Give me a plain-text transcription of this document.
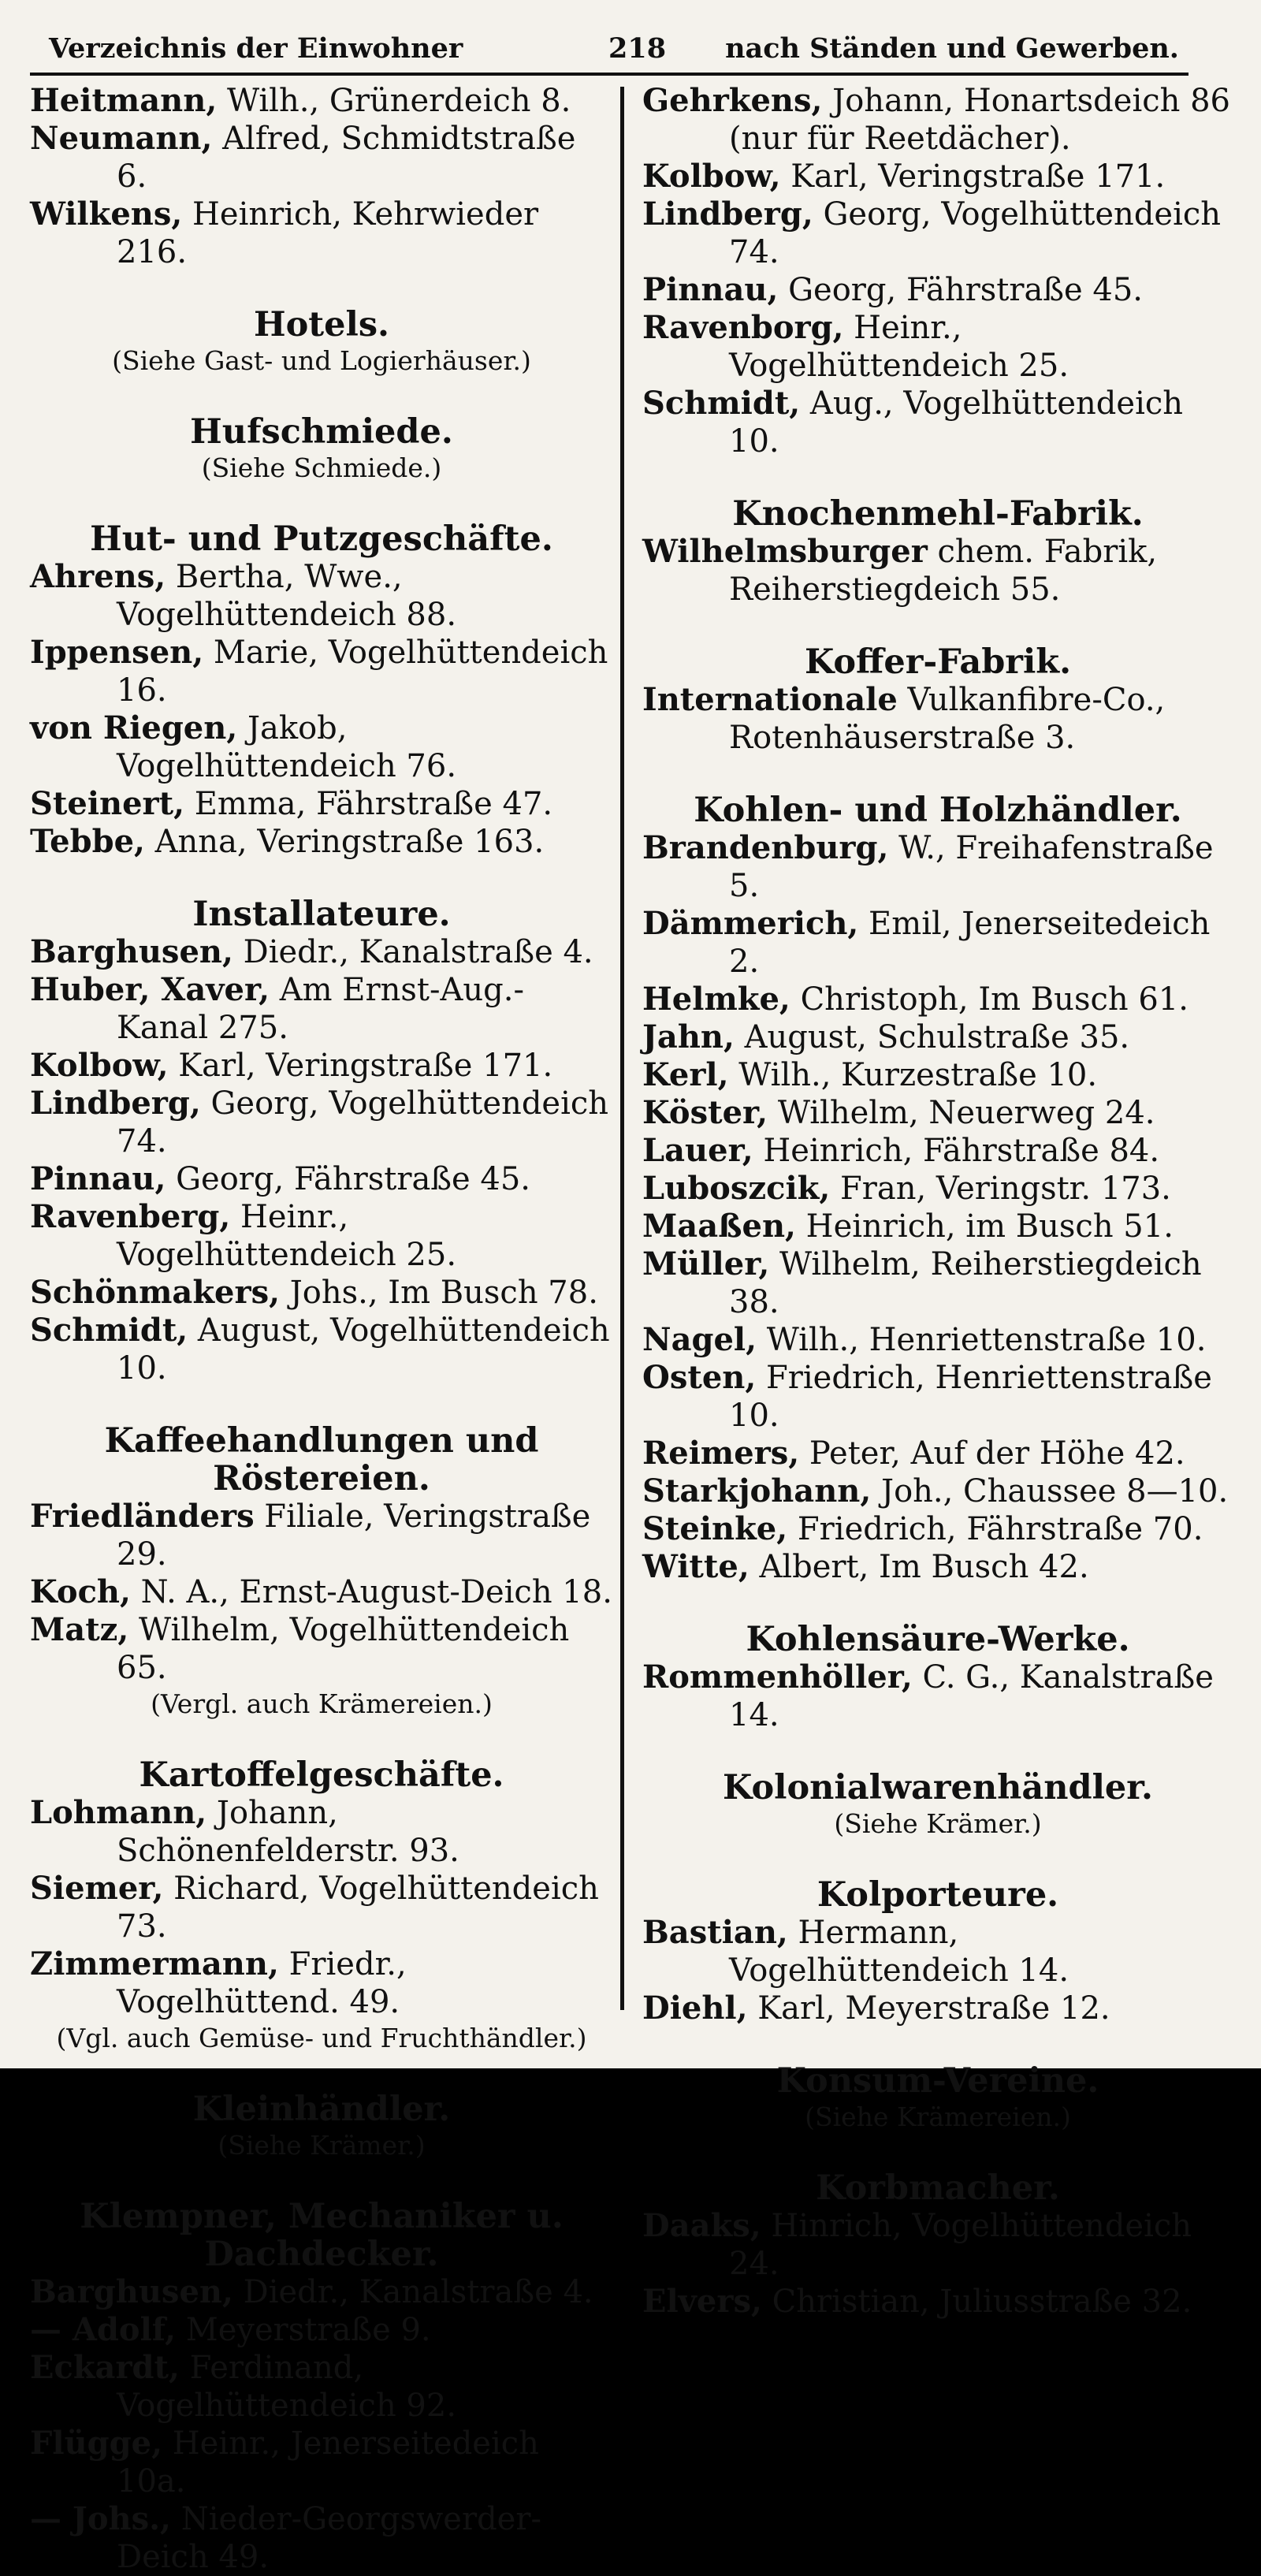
Verzeichnis der Einwohner	218 nach Ständen und Gewerben.
Heitmann, Wilh., Grünerdeich 8.
Neumann, Alfred, Schmidtstraße 6.
Wilkens, Heinrich, Kehrwieder 216.
Hotels.
(Siehe Gast- und Logierhäuser.)
Hufschmiede.
(Siehe Schmiede.)
Hut- und Putzgeschäfte.
Ahrens, Bertha, Wwe., Vogelhüttendeich 88.
Ippensen, Marie, Vogelhüttendeich 16.
von Riegen, Jakob, Vogelhüttendeich 76.
Steinert, Emma, Fährstraße 47.
Tebbe, Anna, Veringstraße 163.
Installateure.
Barghusen, Diedr., Kanalstraße 4.
Huber, Xaver, Am Ernst-Aug.-Kanal 275.
Kolbow, Karl, Veringstraße 171.
Lindberg, Georg, Vogelhüttendeich 74.
Pinnau, Georg, Fährstraße 45.
Ravenberg, Heinr., Vogelhüttendeich 25.
Schönmakers, Johs., Im Busch 78.
Schmidt, August, Vogelhüttendeich 10.
Kaffeehandlungen und Röstereien.
Friedländers Filiale, Veringstraße 29.
Koch, N. A., Ernst-August-Deich 18.
Matz, Wilhelm, Vogelhüttendeich 65.
(Vergl. auch Krämereien.)
Kartoffelgeschäfte.
Lohmann, Johann, Schönenfelderstr. 93.
Siemer, Richard, Vogelhüttendeich 73.
Zimmermann, Friedr., Vogelhüttend. 49.
(Vgl. auch Gemüse- und Fruchthändler.)
Kleinhändler.
(Siehe Krämer.)
Klempner, Mechaniker u. Dachdecker.
Barghusen, Diedr., Kanalstraße 4.
— Adolf, Meyerstraße 9.
Eckardt, Ferdinand, Vogelhüttendeich 92.
Flügge, Heinr., Jenerseitedeich 10a.
— Johs., Nieder-Georgswerder-Deich 49.
Gehrkens, Johann, Honartsdeich 86 (nur für Reetdächer).
Kolbow, Karl, Veringstraße 171.
Lindberg, Georg, Vogelhüttendeich 74.
Pinnau, Georg, Fährstraße 45.
Ravenborg, Heinr., Vogelhüttendeich 25.
Schmidt, Aug., Vogelhüttendeich 10.
Knochenmehl-Fabrik.
Wilhelmsburger chem. Fabrik, Reiherstiegdeich 55.
Koffer-Fabrik.
Internationale Vulkanfibre-Co., Rotenhäuserstraße 3.
Kohlen- und Holzhändler.
Brandenburg, W., Freihafenstraße 5.
Dämmerich, Emil, Jenerseitedeich 2.
Helmke, Christoph, Im Busch 61.
Jahn, August, Schulstraße 35.
Kerl, Wilh., Kurzestraße 10.
Köster, Wilhelm, Neuerweg 24.
Lauer, Heinrich, Fährstraße 84.
Luboszcik, Fran, Veringstr. 173.
Maaßen, Heinrich, im Busch 51.
Müller, Wilhelm, Reiherstiegdeich 38.
Nagel, Wilh., Henriettenstraße 10.
Osten, Friedrich, Henriettenstraße 10.
Reimers, Peter, Auf der Höhe 42.
Starkjohann, Joh., Chaussee 8—10.
Steinke, Friedrich, Fährstraße 70.
Witte, Albert, Im Busch 42.
Kohlensäure-Werke.
Rommenhöller, C. G., Kanalstraße 14.
Kolonialwarenhändler.
(Siehe Krämer.)
Kolporteure.
Bastian, Hermann, Vogelhüttendeich 14.
Diehl, Karl, Meyerstraße 12.
Konsum-Vereine.
(Siehe Krämereien.)
Korbmacher.
Daaks, Hinrich, Vogelhüttendeich 24.
Elvers, Christian, Juliusstraße 32.
